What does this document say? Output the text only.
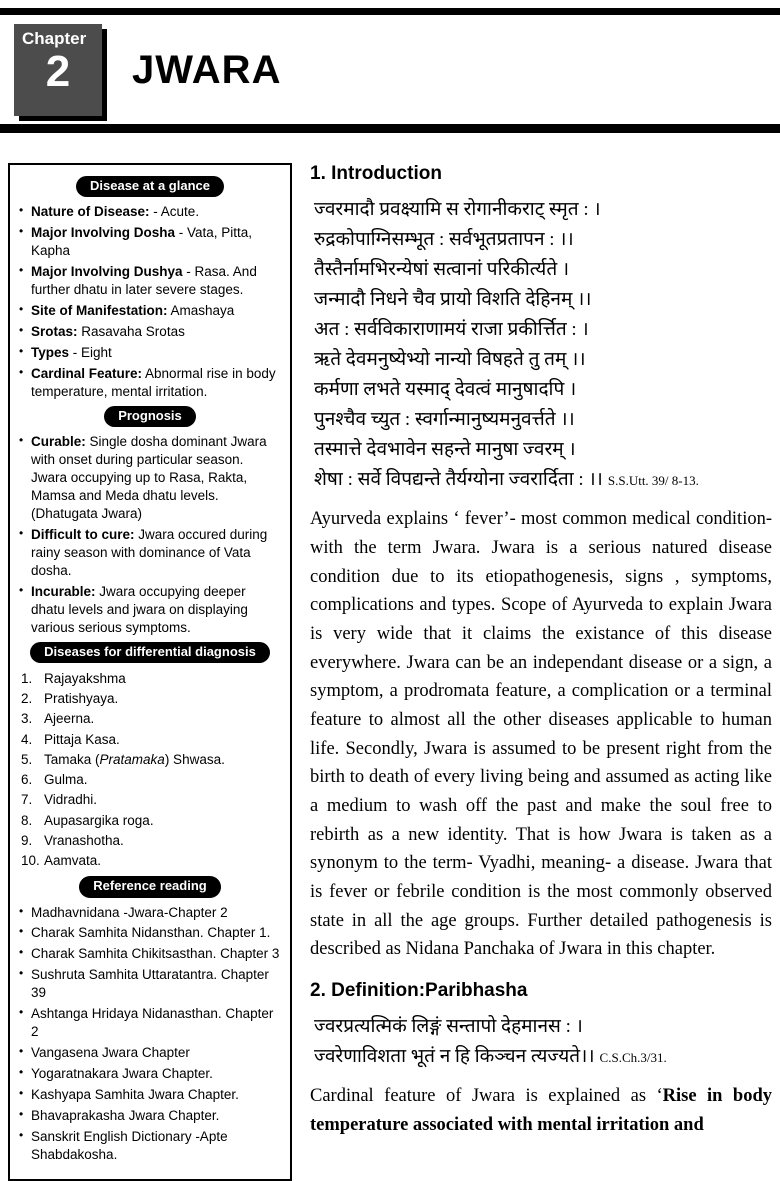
Chapter
2	JWARA
Disease at a glance
• Nature of Disease: - Acute.
• Major Involving Dosha - Vata, Pitta, Kapha
• Major Involving Dushya - Rasa. And further dhatu in later severe stages.
• Site of Manifestation: Amashaya
• Srotas: Rasavaha Srotas
• Types - Eight
• Cardinal Feature: Abnormal rise in body temperature, mental irritation.
Prognosis
• Curable: Single dosha dominant Jwara with onset during particular season. Jwara occupying up to Rasa, Rakta, Mamsa and Meda dhatu levels. (Dhatugata Jwara)
• Difficult to cure: Jwara occured during rainy season with dominance of Vata dosha.
• Incurable: Jwara occupying deeper dhatu levels and jwara on displaying various serious symptoms.
Diseases for differential diagnosis
Rajayakshma
Pratishyaya.
Ajeerna.
Pittaja Kasa.
Tamaka (Pratamaka) Shwasa.
Gulma.
Vidradhi.
Aupasargika roga.
Vranashotha.
Aamvata.
Reference reading
• Madhavnidana -Jwara-Chapter 2
• Charak Samhita Nidansthan. Chapter 1.
• Charak Samhita Chikitsasthan. Chapter 3
• Sushruta Samhita Uttaratantra. Chapter 39
• Ashtanga Hridaya Nidanasthan. Chapter 2
• Vangasena Jwara Chapter
• Yogaratnakara Jwara Chapter.
• Kashyapa Samhita Jwara Chapter.
• Bhavaprakasha Jwara Chapter.
• Sanskrit English Dictionary -Apte Shabdakosha.
1. Introduction
ज्वरमादौ प्रवक्ष्यामि स रोगानीकराट् स्मृत : ।
रुद्रकोपाग्निसम्भूत : सर्वभूतप्रतापन : ।।
तैस्तैर्नामभिरन्येषां सत्वानां परिकीर्त्यते ।
जन्मादौ निधने चैव प्रायो विशति देहिनम् ।।
अत : सर्वविकाराणामयं राजा प्रकीर्त्तित : ।
ऋते देवमनुष्येभ्यो नान्यो विषहते तु तम् ।।
कर्मणा लभते यस्माद् देवत्वं मानुषादपि ।
पुनश्चैव च्युत : स्वर्गान्मानुष्यमनुवर्त्तते ।।
तस्मात्ते देवभावेन सहन्ते मानुषा ज्वरम् ।
शेषा : सर्वे विपद्यन्ते तैर्यग्योना ज्वरार्दिता : ।। S.S.Utt. 39/ 8-13.

Ayurveda explains ‘ fever’- most common medical condition- with the term Jwara. Jwara is a serious natured disease condition due to its etiopathogenesis, signs , symptoms, complications and types. Scope of Ayurveda to explain Jwara is very wide that it claims the existance of this disease everywhere. Jwara can be an independant disease or a sign, a symptom, a prodromata feature, a complication or a terminal feature to almost all the other diseases applicable to human life. Secondly, Jwara is assumed to be present right from the birth to death of every living being and assumed as acting like a medium to wash off the past and make the soul free to rebirth as a new identity. That is how Jwara is taken as a synonym to the term- Vyadhi, meaning- a disease. Jwara that is fever or febrile condition is the most commonly observed state in all the age groups. Further detailed pathogenesis is described as Nidana Panchaka of Jwara in this chapter.

2. Definition:Paribhasha
ज्वरप्रत्यत्मिकं लिङ्गं सन्तापो देहमानस : ।
ज्वरेणाविशता भूतं न हि किञ्चन त्यज्यते।। C.S.Ch.3/31.

Cardinal feature of Jwara is explained as ‘Rise in body temperature associated with mental irritation and
